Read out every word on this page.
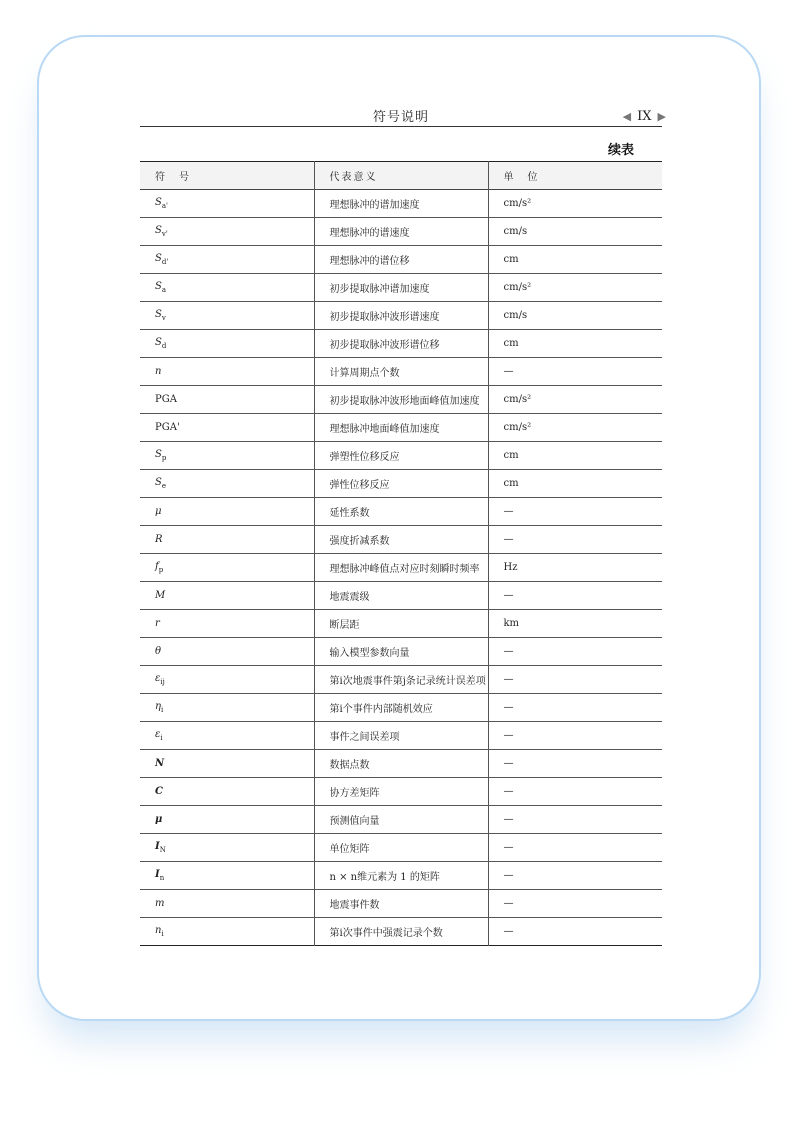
符号说明	◀ IX ▶
续表
符　号	代表意义	单　位
$S_{a'}$	理想脉冲的谱加速度	cm/s²
$S_{v'}$	理想脉冲的谱速度	cm/s
$S_{d'}$	理想脉冲的谱位移	cm
$S_a$	初步提取脉冲谱加速度	cm/s²
$S_v$	初步提取脉冲波形谱速度	cm/s
$S_d$	初步提取脉冲波形谱位移	cm
n	计算周期点个数	—
PGA	初步提取脉冲波形地面峰值加速度	cm/s²
PGA'	理想脉冲地面峰值加速度	cm/s²
$S_p$	弹塑性位移反应	cm
$S_e$	弹性位移反应	cm
μ	延性系数	—
R	强度折减系数	—
$f_p$	理想脉冲峰值点对应时刻瞬时频率	Hz
M	地震震级	—
r	断层距	km
θ	输入模型参数向量	—
$\varepsilon_{ij}$	第i次地震事件第j条记录统计误差项	—
$\eta_i$	第i个事件内部随机效应	—
$\varepsilon_i$	事件之间误差项	—
N	数据点数	—
C	协方差矩阵	—
μ	预测值向量	—
$I_N$	单位矩阵	—
$I_n$	n × n维元素为 1 的矩阵	—
m	地震事件数	—
$n_i$	第i次事件中强震记录个数	—
